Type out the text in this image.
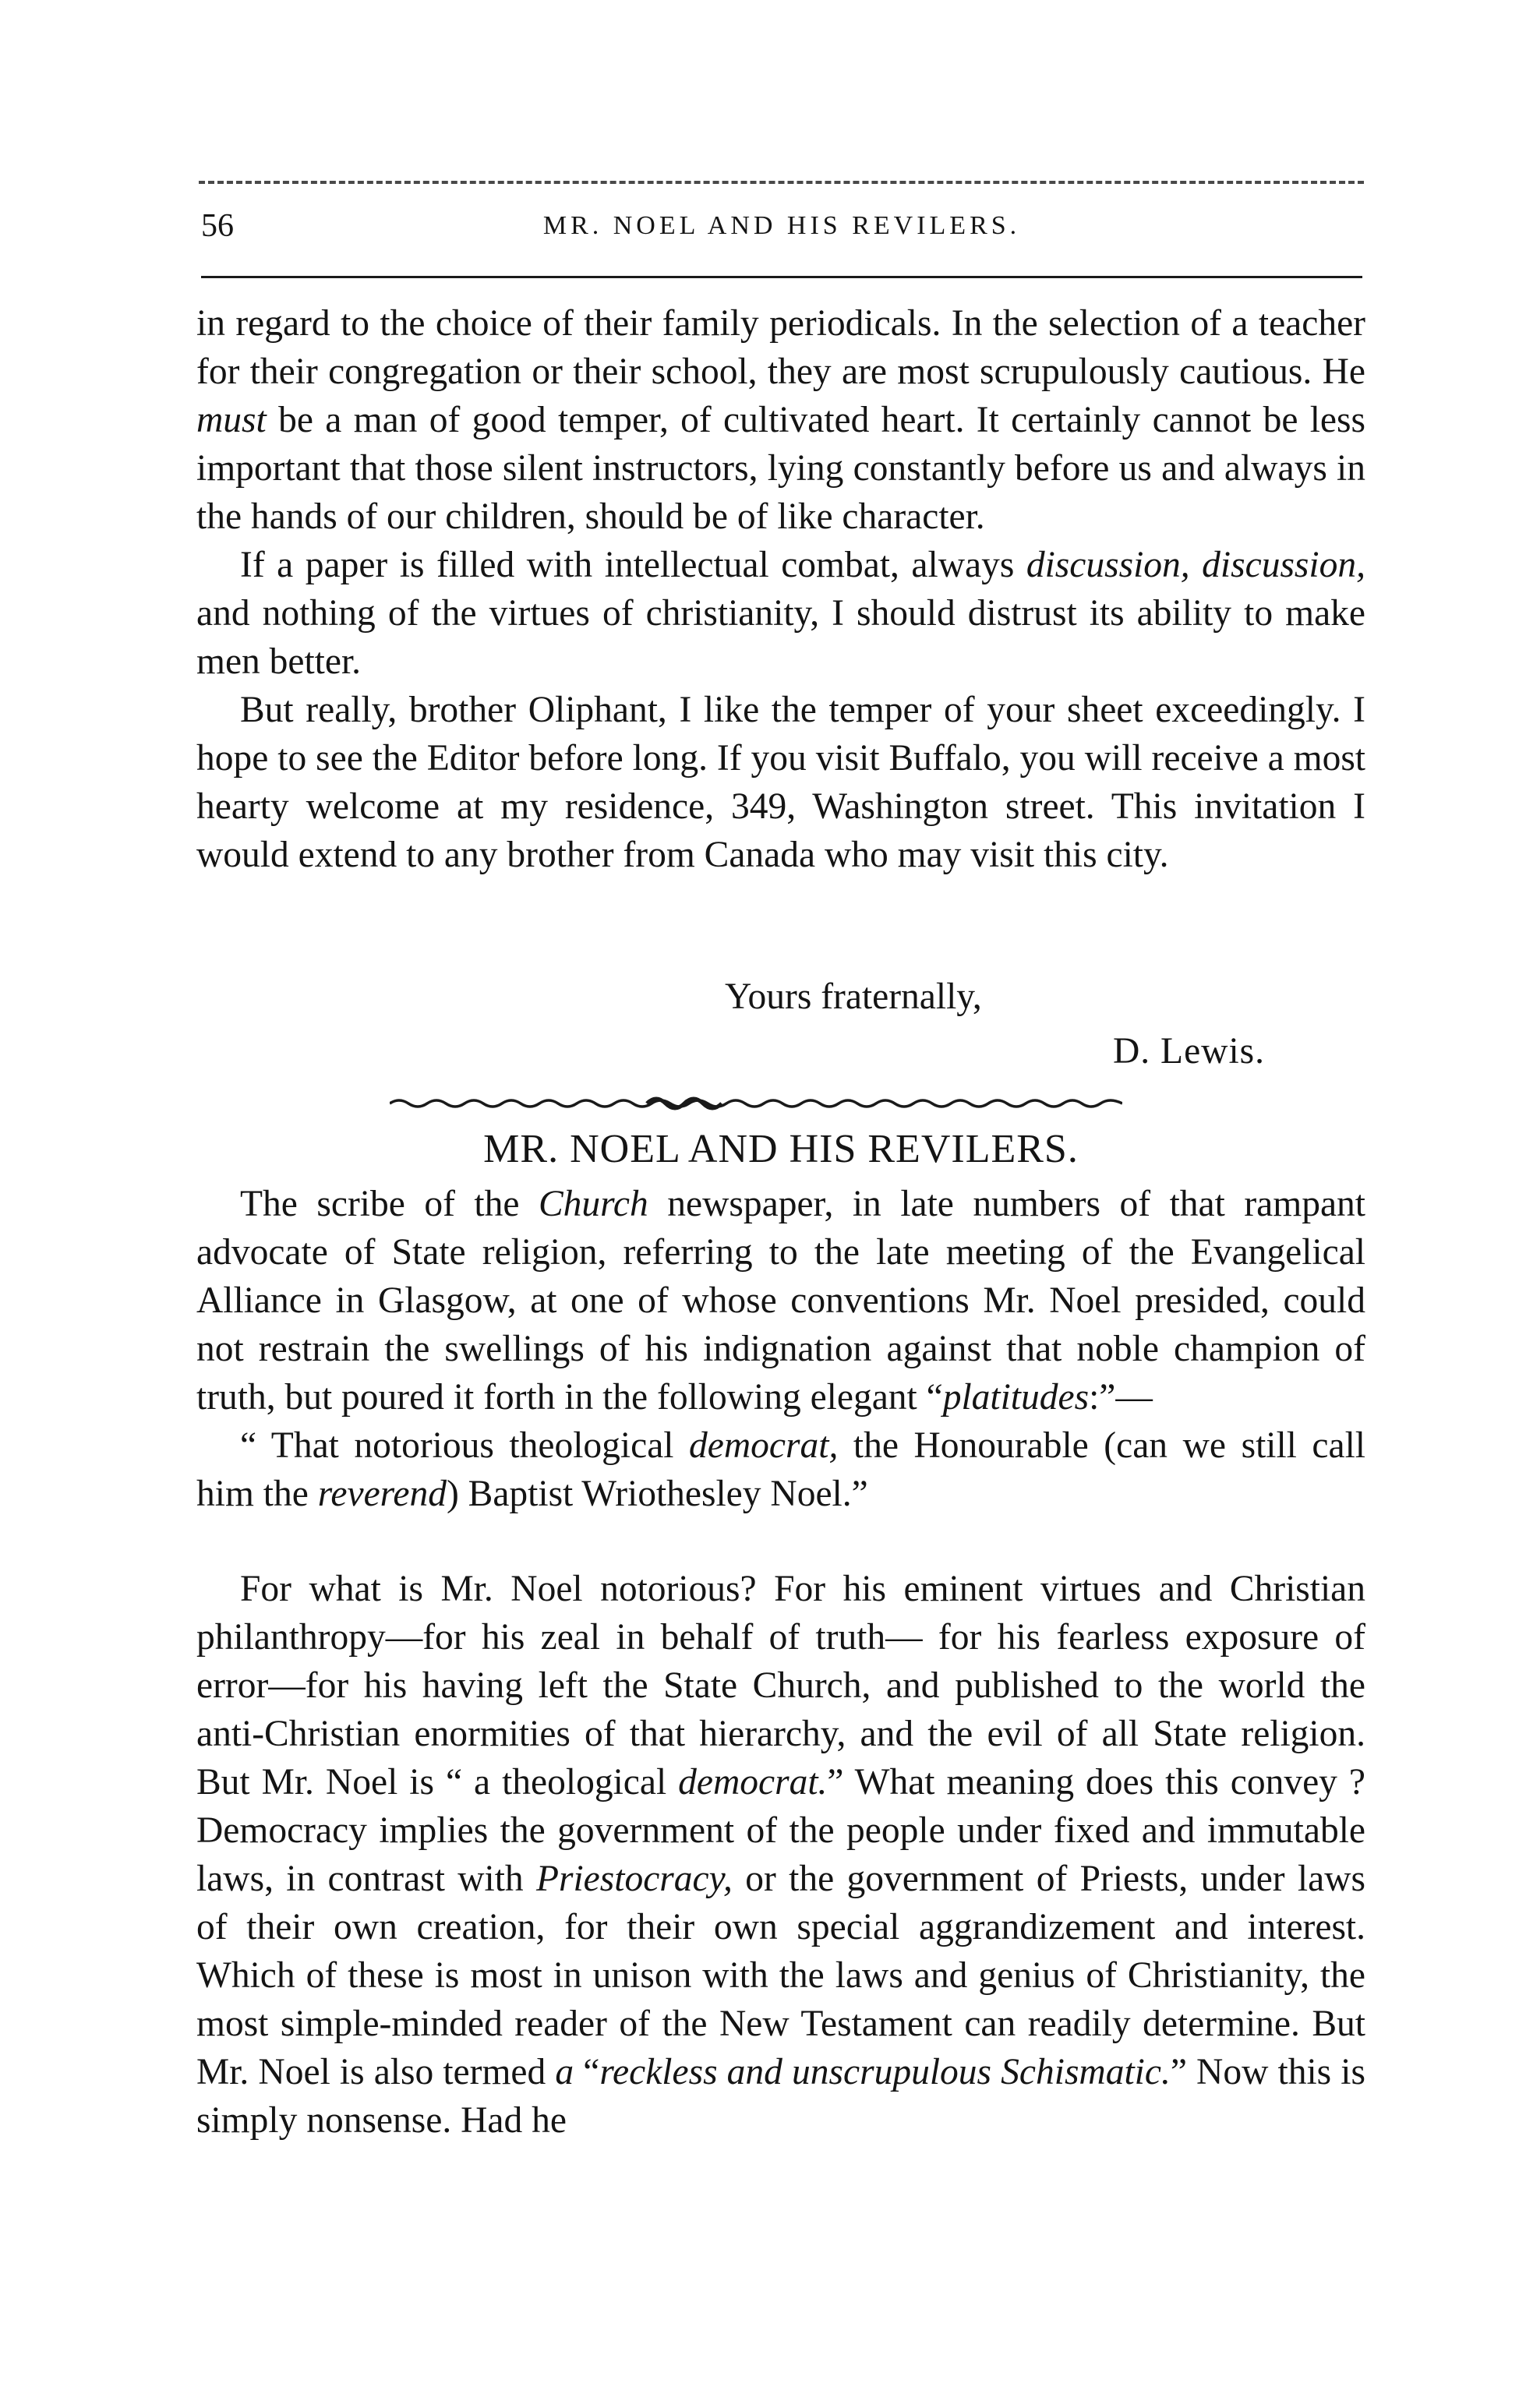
56	MR. NOEL AND HIS REVILERS.

in regard to the choice of their family periodicals. In the selection of a teacher for their congregation or their school, they are most scrupulously cautious. He must be a man of good temper, of cultivated heart. It certainly cannot be less important that those silent instructors, lying constantly before us and always in the hands of our children, should be of like character.

If a paper is filled with intellectual combat, always discussion, discussion, and nothing of the virtues of christianity, I should distrust its ability to make men better.

But really, brother Oliphant, I like the temper of your sheet exceedingly. I hope to see the Editor before long. If you visit Buffalo, you will receive a most hearty welcome at my residence, 349, Washington street. This invitation I would extend to any brother from Canada who may visit this city.

Yours fraternally,
D. Lewis.
MR. NOEL AND HIS REVILERS.

The scribe of the Church newspaper, in late numbers of that rampant advocate of State religion, referring to the late meeting of the Evangelical Alliance in Glasgow, at one of whose conventions Mr. Noel presided, could not restrain the swellings of his indignation against that noble champion of truth, but poured it forth in the following elegant “platitudes:”—

“ That notorious theological democrat, the Honourable (can we still call him the reverend) Baptist Wriothesley Noel.”

For what is Mr. Noel notorious? For his eminent virtues and Christian philanthropy—for his zeal in behalf of truth— for his fearless exposure of error—for his having left the State Church, and published to the world the anti-Christian enormities of that hierarchy, and the evil of all State religion. But Mr. Noel is “ a theological democrat.” What meaning does this convey ? Democracy implies the government of the people under fixed and immutable laws, in contrast with Priestocracy, or the government of Priests, under laws of their own creation, for their own special aggrandizement and interest. Which of these is most in unison with the laws and genius of Christianity, the most simple-minded reader of the New Testament can readily determine. But Mr. Noel is also termed a “reckless and unscrupulous Schismatic.” Now this is simply nonsense. Had he
